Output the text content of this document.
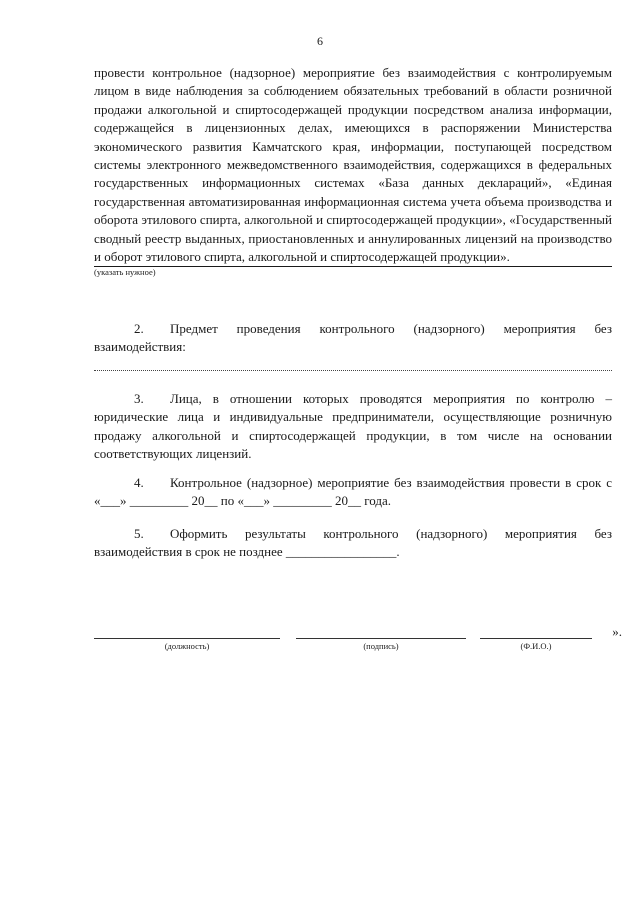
6
провести контрольное (надзорное) мероприятие без взаимодействия с контролируемым лицом в виде наблюдения за соблюдением обязательных требований в области розничной продажи алкогольной и спиртосодержащей продукции посредством анализа информации, содержащейся в лицензионных делах, имеющихся в распоряжении Министерства экономического развития Камчатского края, информации, поступающей посредством системы электронного межведомственного взаимодействия, содержащихся в федеральных государственных информационных системах «База данных деклараций», «Единая государственная автоматизированная информационная система учета объема производства и оборота этилового спирта, алкогольной и спиртосодержащей продукции», «Государственный сводный реестр выданных, приостановленных и аннулированных лицензий на производство и оборот этилового спирта, алкогольной и спиртосодержащей продукции».
(указать нужное)
2. Предмет проведения контрольного (надзорного) мероприятия без взаимодействия:
3. Лица, в отношении которых проводятся мероприятия по контролю – юридические лица и индивидуальные предприниматели, осуществляющие розничную продажу алкогольной и спиртосодержащей продукции, в том числе на основании соответствующих лицензий.
4. Контрольное (надзорное) мероприятие без взаимодействия провести в срок с «___» _________ 20__ по «___» _________ 20__ года.
5. Оформить результаты контрольного (надзорного) мероприятия без взаимодействия в срок не позднее _________________.
(должность)	(подпись)	(Ф.И.О.)
».
